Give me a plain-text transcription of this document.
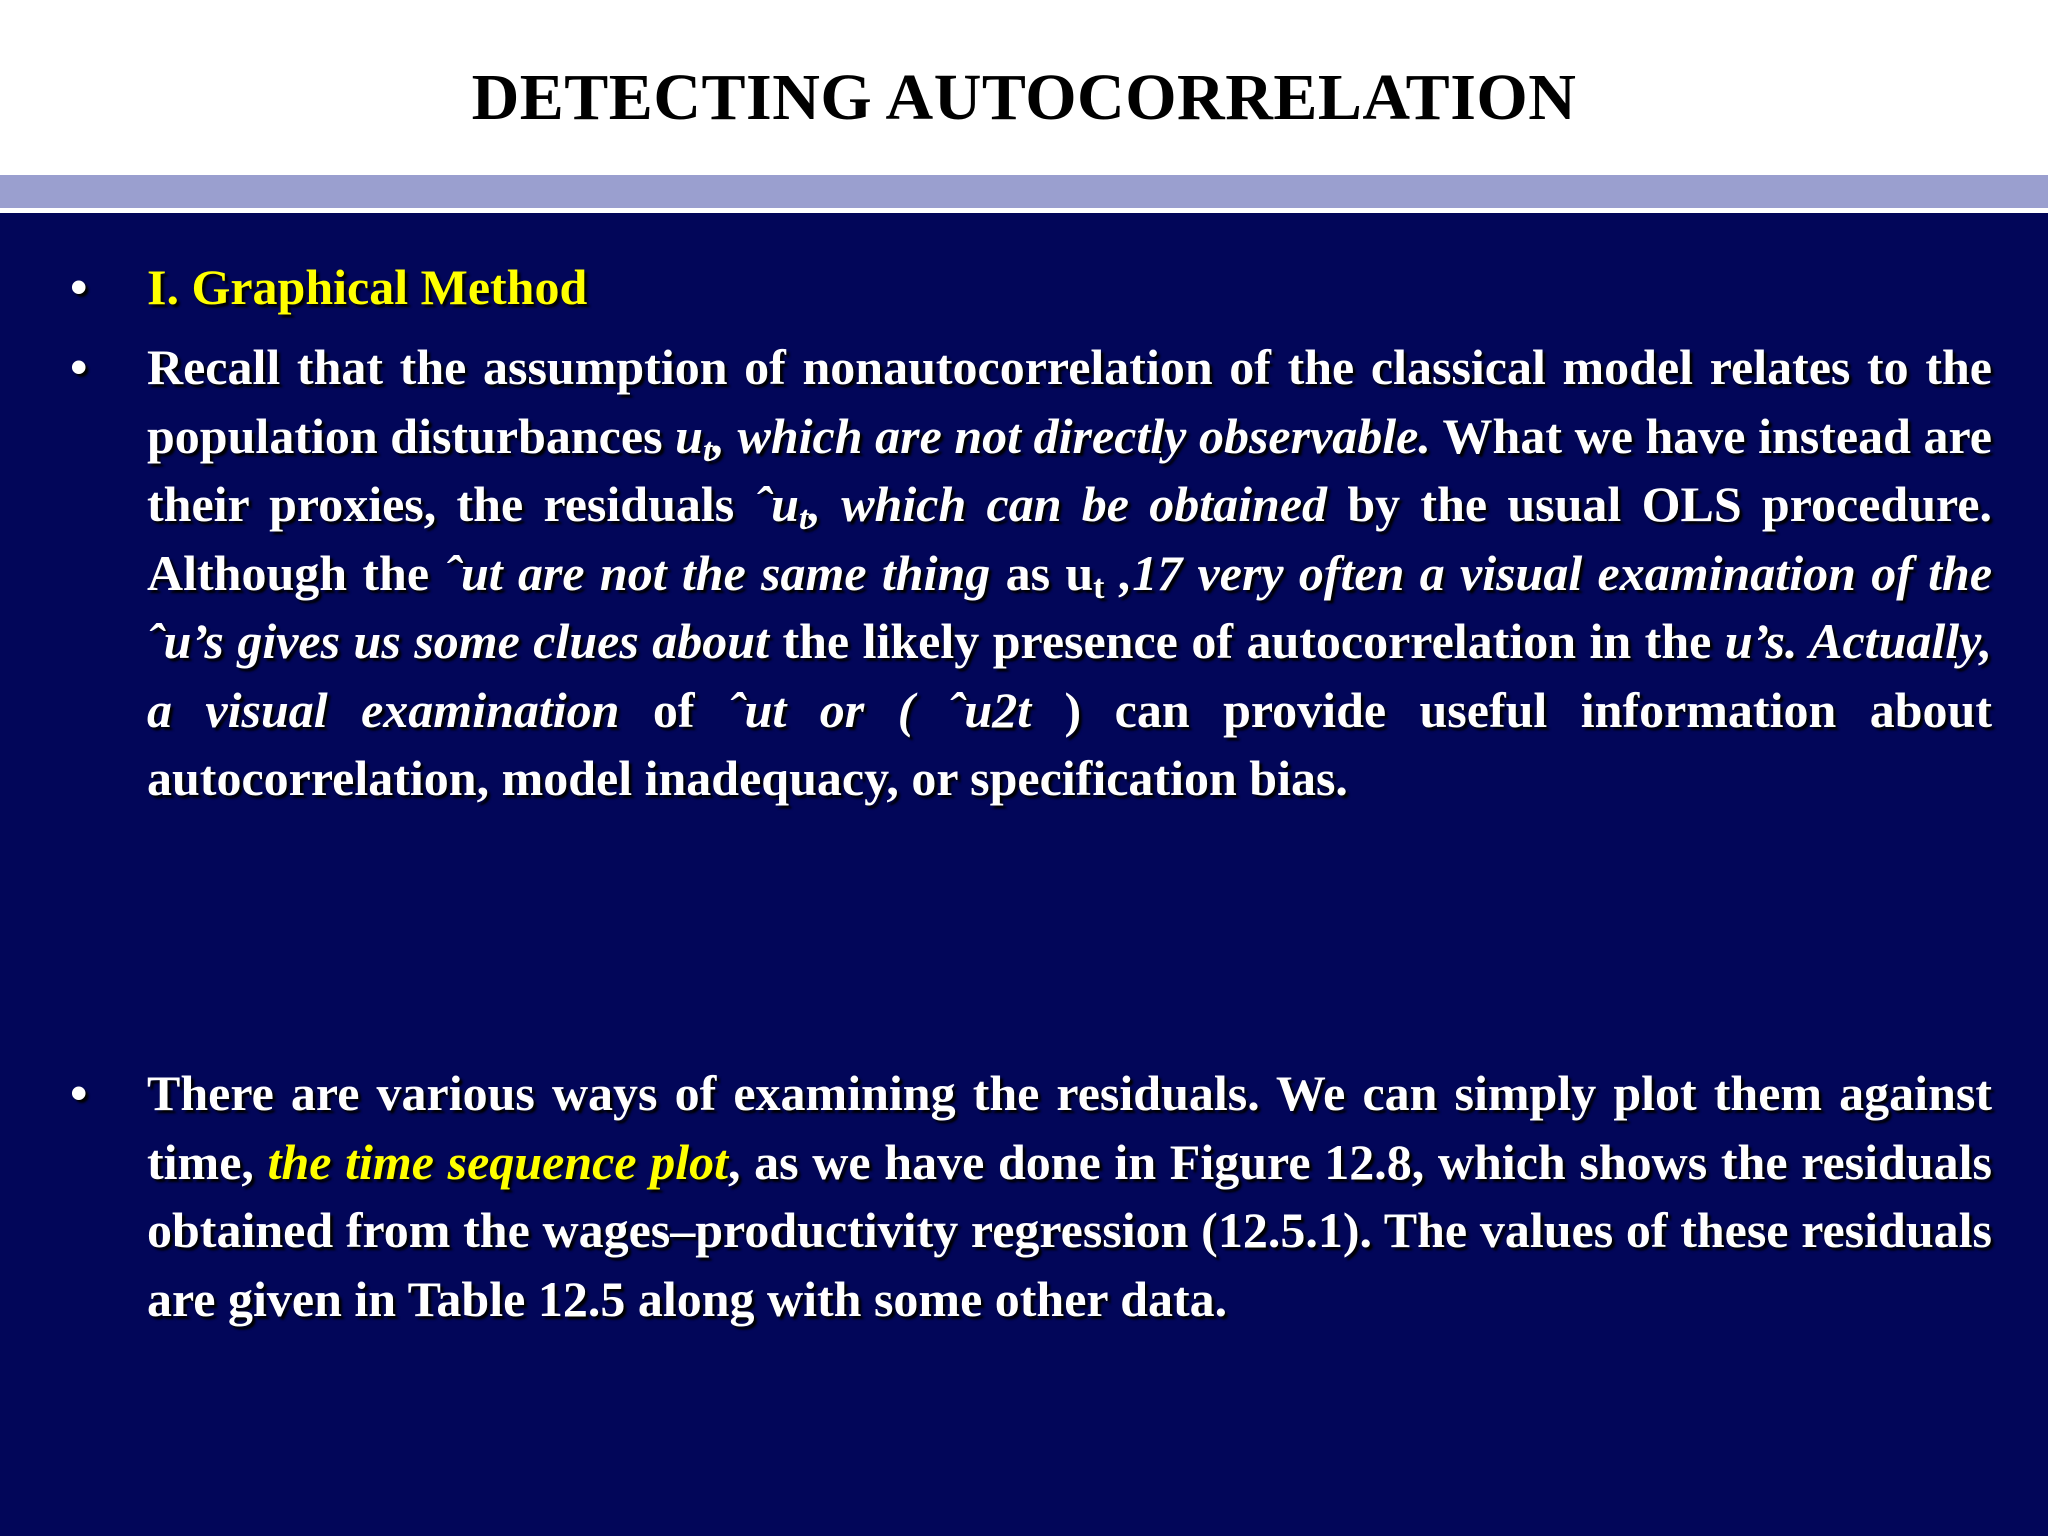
DETECTING AUTOCORRELATION
• I. Graphical Method
• Recall that the assumption of nonautocorrelation of the classical model relates to the population disturbances $u_t$, which are not directly observable. What we have instead are their proxies, the residuals ˆu$_t$, which can be obtained by the usual OLS procedure. Although the ˆut are not the same thing as $u_t$ ,17 very often a visual examination of the ˆu’s gives us some clues about the likely presence of autocorrelation in the u’s. Actually, a visual examination of ˆut or ( ˆu2t ) can provide useful information about autocorrelation, model inadequacy, or specification bias.
• There are various ways of examining the residuals. We can simply plot them against time, the time sequence plot, as we have done in Figure 12.8, which shows the residuals obtained from the wages–productivity regression (12.5.1). The values of these residuals are given in Table 12.5 along with some other data.
